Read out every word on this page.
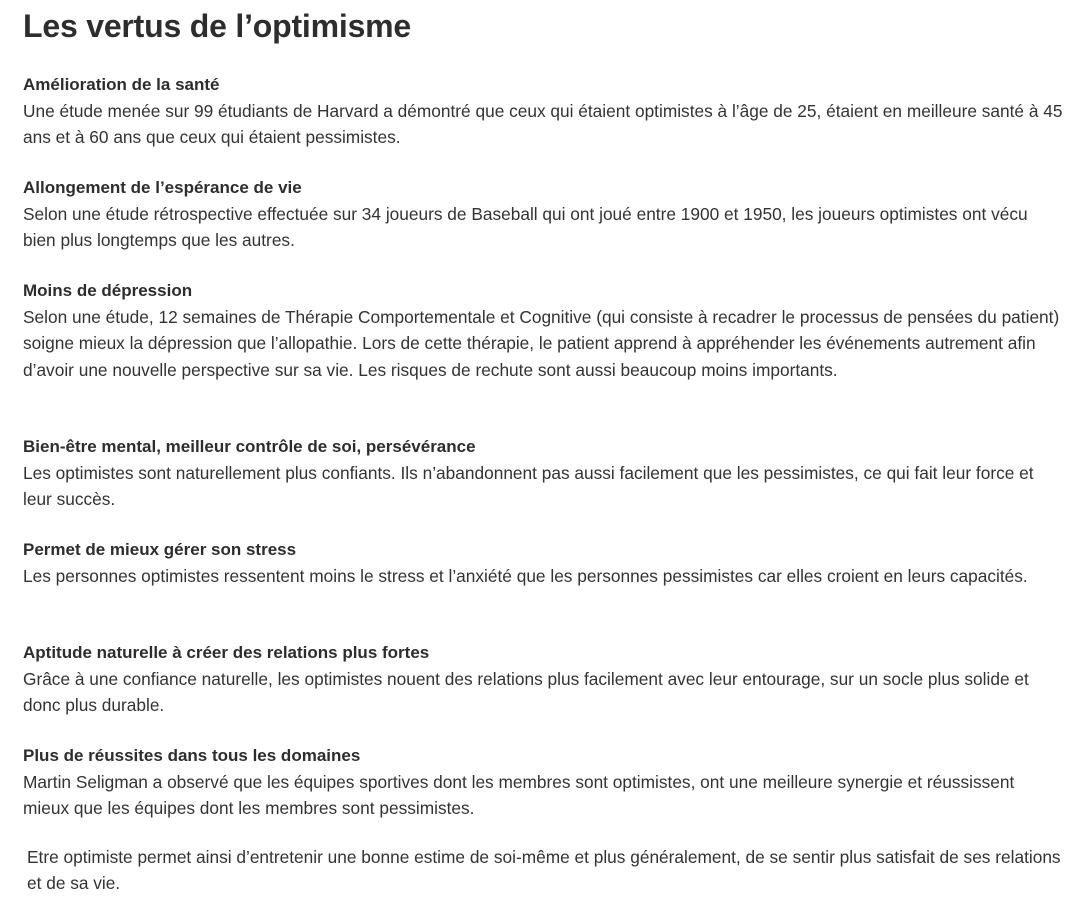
Les vertus de l’optimisme
Amélioration de la santé

Une étude menée sur 99 étudiants de Harvard a démontré que ceux qui étaient optimistes à l’âge de 25, étaient en meilleure santé à 45 ans et à 60 ans que ceux qui étaient pessimistes.

Allongement de l’espérance de vie

Selon une étude rétrospective effectuée sur 34 joueurs de Baseball qui ont joué entre 1900 et 1950, les joueurs optimistes ont vécu bien plus longtemps que les autres.

Moins de dépression

Selon une étude, 12 semaines de Thérapie Comportementale et Cognitive (qui consiste à recadrer le processus de pensées du patient) soigne mieux la dépression que l’allopathie. Lors de cette thérapie, le patient apprend à appréhender les événements autrement afin d’avoir une nouvelle perspective sur sa vie. Les risques de rechute sont aussi beaucoup moins importants.

Bien-être mental, meilleur contrôle de soi, persévérance

Les optimistes sont naturellement plus confiants. Ils n’abandonnent pas aussi facilement que les pessimistes, ce qui fait leur force et leur succès.

Permet de mieux gérer son stress

Les personnes optimistes ressentent moins le stress et l’anxiété que les personnes pessimistes car elles croient en leurs capacités.

Aptitude naturelle à créer des relations plus fortes

Grâce à une confiance naturelle, les optimistes nouent des relations plus facilement avec leur entourage, sur un socle plus solide et donc plus durable.

Plus de réussites dans tous les domaines

Martin Seligman a observé que les équipes sportives dont les membres sont optimistes, ont une meilleure synergie et réussissent mieux que les équipes dont les membres sont pessimistes.

Etre optimiste permet ainsi d’entretenir une bonne estime de soi-même et plus généralement, de se sentir plus satisfait de ses relations et de sa vie.
